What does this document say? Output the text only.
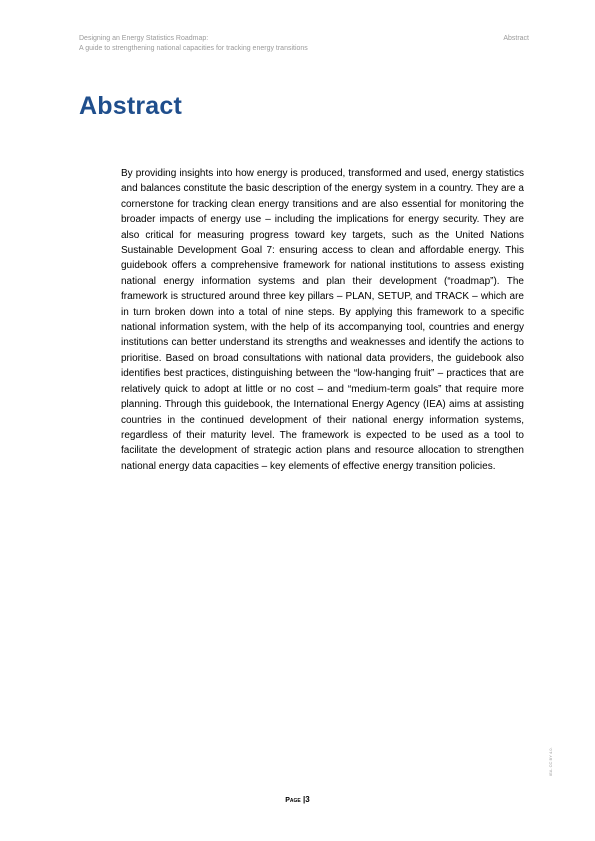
Designing an Energy Statistics Roadmap:
A guide to strengthening national capacities for tracking energy transitions
Abstract
Abstract

By providing insights into how energy is produced, transformed and used, energy statistics and balances constitute the basic description of the energy system in a country. They are a cornerstone for tracking clean energy transitions and are also essential for monitoring the broader impacts of energy use – including the implications for energy security. They are also critical for measuring progress toward key targets, such as the United Nations Sustainable Development Goal 7: ensuring access to clean and affordable energy. This guidebook offers a comprehensive framework for national institutions to assess existing national energy information systems and plan their development (“roadmap”). The framework is structured around three key pillars – PLAN, SETUP, and TRACK – which are in turn broken down into a total of nine steps. By applying this framework to a specific national information system, with the help of its accompanying tool, countries and energy institutions can better understand its strengths and weaknesses and identify the actions to prioritise. Based on broad consultations with national data providers, the guidebook also identifies best practices, distinguishing between the “low-hanging fruit” – practices that are relatively quick to adopt at little or no cost – and “medium-term goals” that require more planning. Through this guidebook, the International Energy Agency (IEA) aims at assisting countries in the continued development of their national energy information systems, regardless of their maturity level. The framework is expected to be used as a tool to facilitate the development of strategic action plans and resource allocation to strengthen national energy data capacities – key elements of effective energy transition policies.

Page |3
IEA. CC BY 4.0.
